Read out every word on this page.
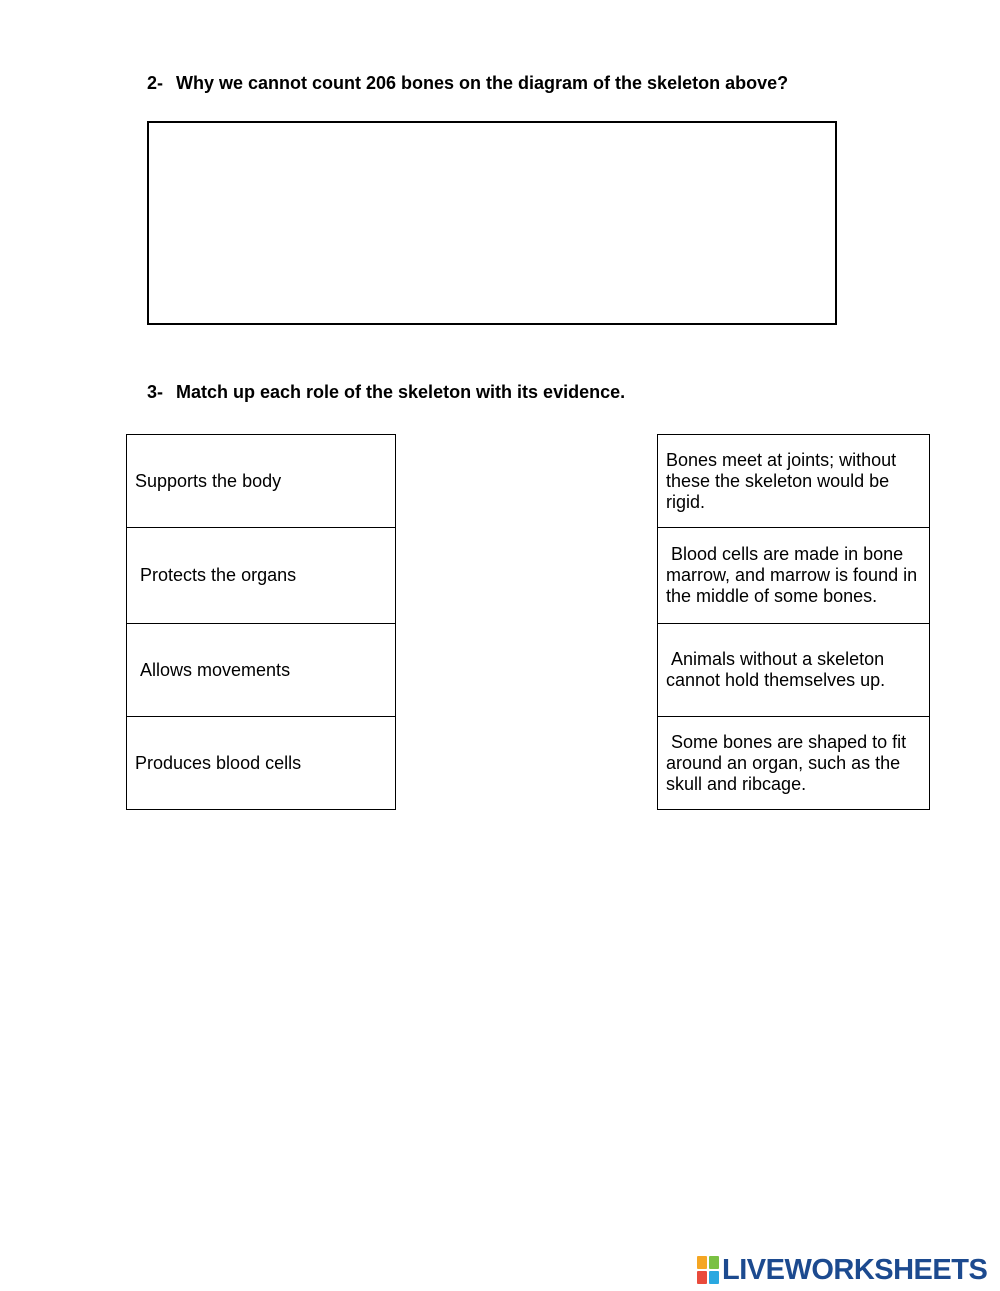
2- Why we cannot count 206 bones on the diagram of the skeleton above?

3- Match up each role of the skeleton with its evidence.

Supports the body
Protects the organs
Allows movements
Produces blood cells
Bones meet at joints; without these the skeleton would be rigid.
Blood cells are made in bone marrow, and marrow is found in the middle of some bones.
Animals without a skeleton cannot hold themselves up.
Some bones are shaped to fit around an organ, such as the skull and ribcage.
LIVEWORKSHEETS
